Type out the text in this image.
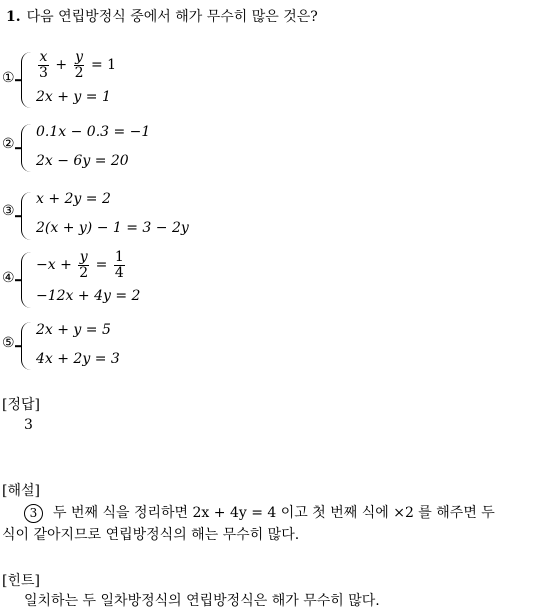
1. 다음 연립방정식 중에서 해가 무수히 많은 것은?
① $\frac{x}{3} + \frac{y}{2} = 1$
2x + y = 1
②
0.1x − 0.3 = −1
2x − 6y = 20
③
x + 2y = 2
2(x + y) − 1 = 3 − 2y
④
$-x + \frac{y}{2} = \frac{1}{4}$
−12x + 4y = 2
⑤
2x + y = 5
4x + 2y = 3
[정답]
3
[해설]
3 두 번째 식을 정리하면 2x + 4y = 4 이고 첫 번째 식에 ×2 를 해주면 두
식이 같아지므로 연립방정식의 해는 무수히 많다.
[힌트]
일치하는 두 일차방정식의 연립방정식은 해가 무수히 많다.
